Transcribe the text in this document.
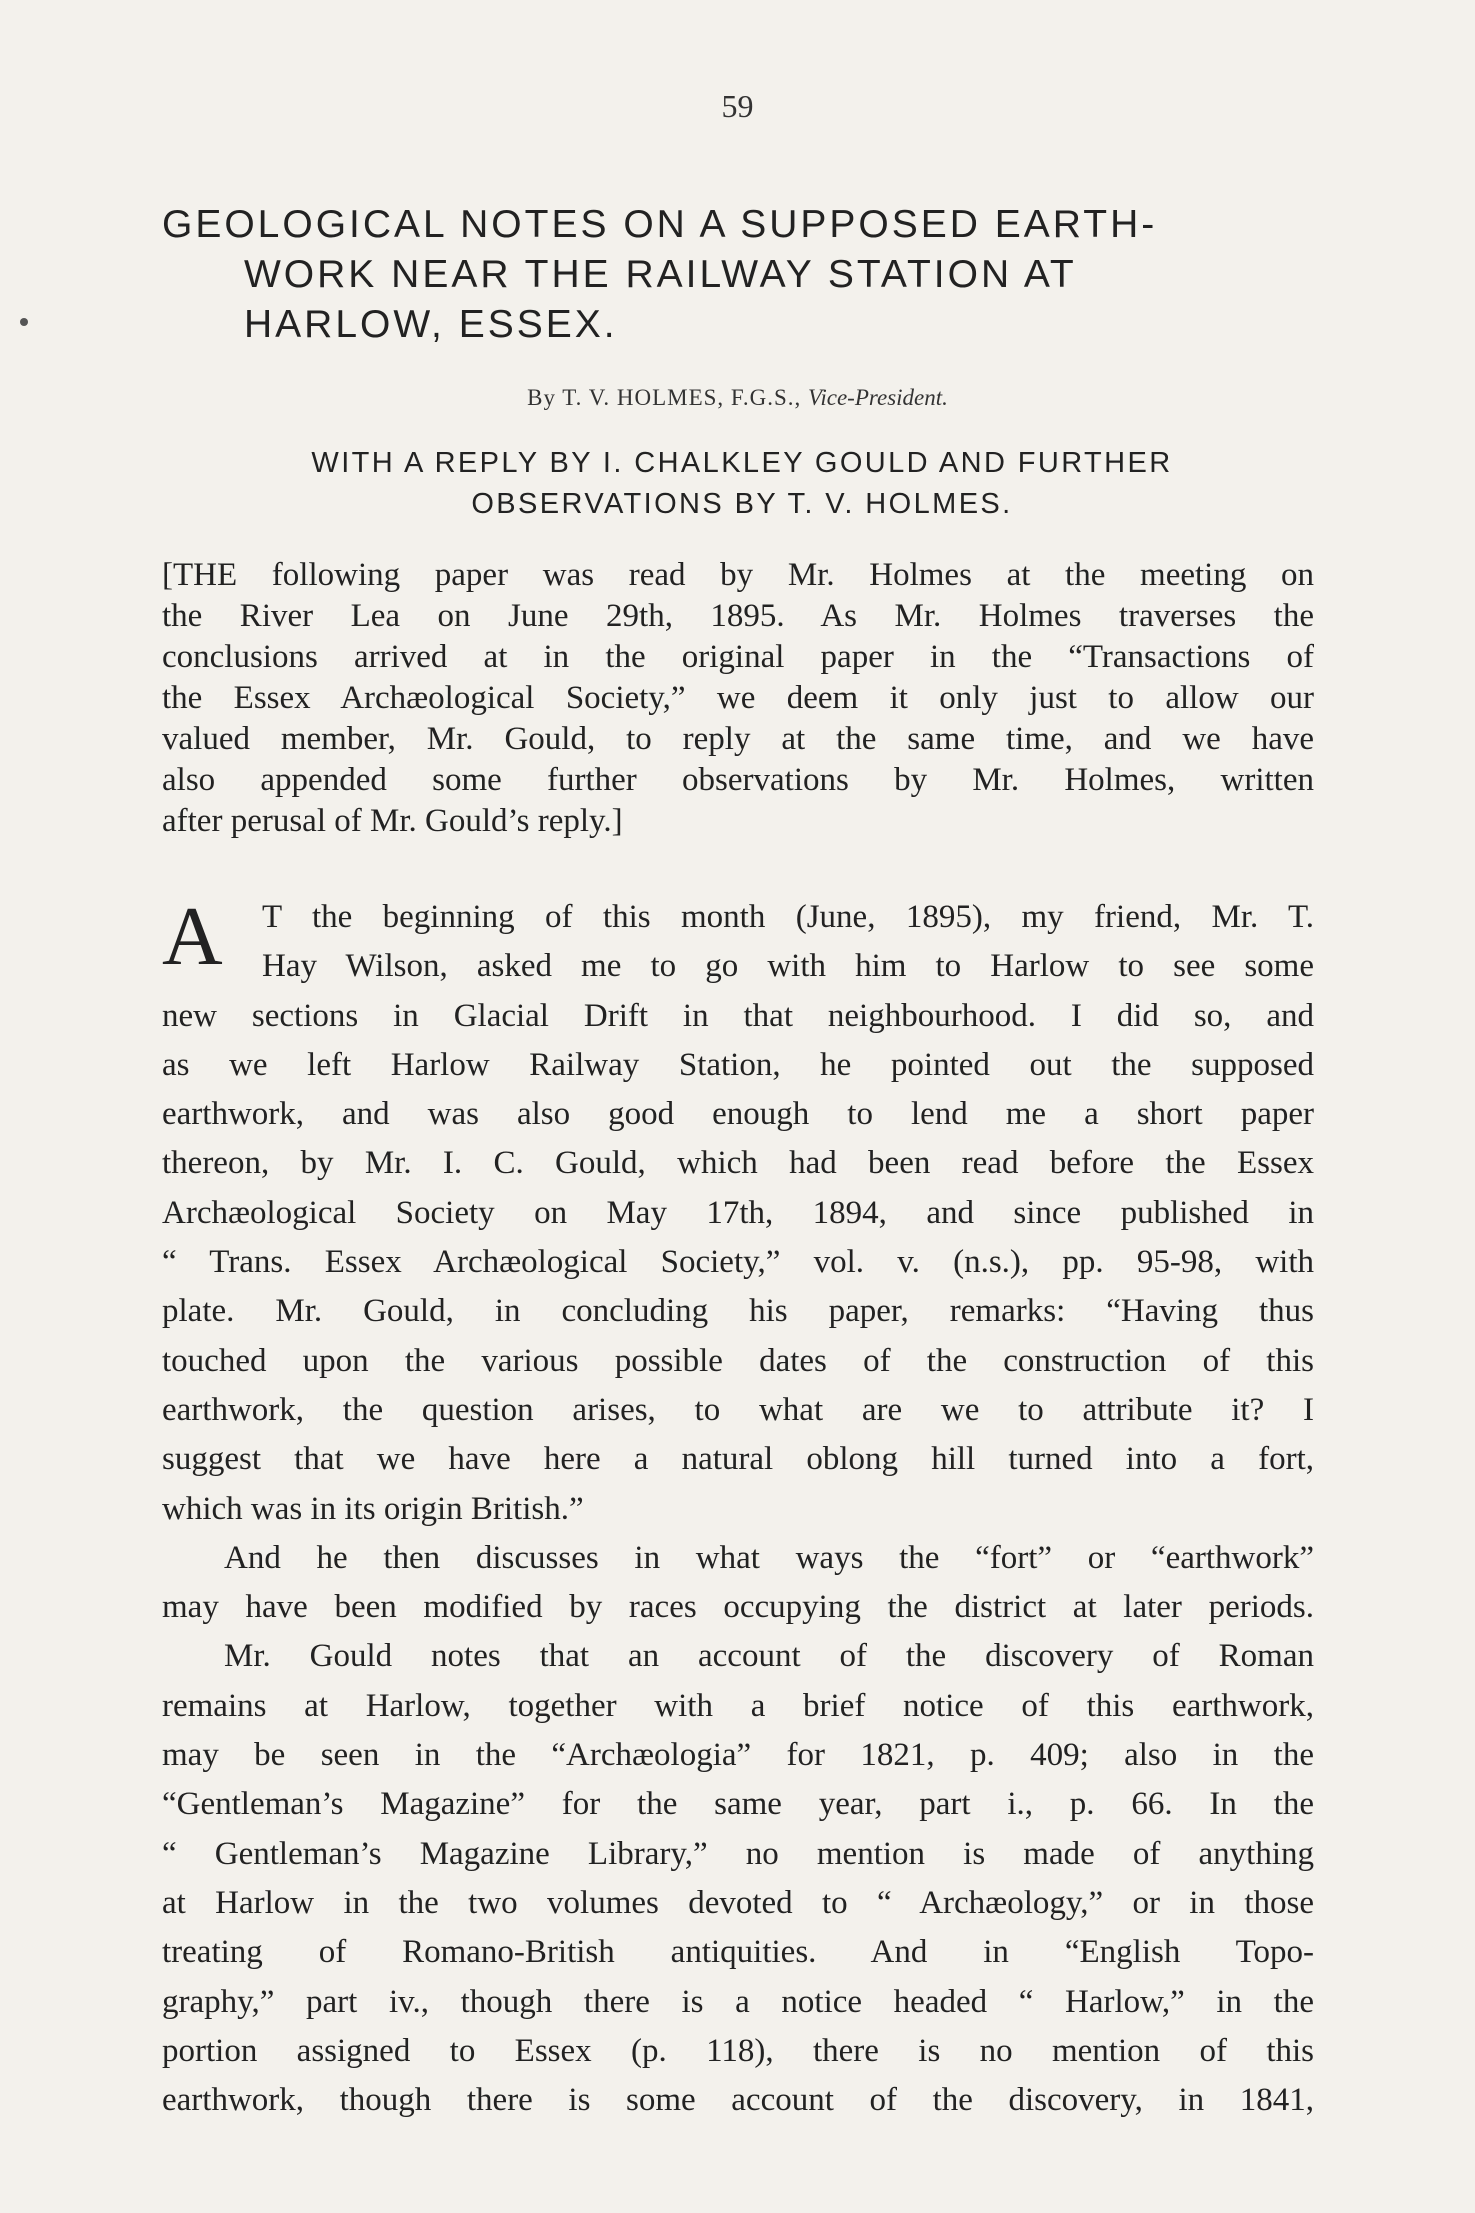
59
GEOLOGICAL NOTES ON A SUPPOSED EARTH-
WORK NEAR THE RAILWAY STATION AT
HARLOW, ESSEX.
By T. V. HOLMES, F.G.S., Vice-President.
WITH A REPLY BY I. CHALKLEY GOULD AND FURTHER
OBSERVATIONS BY T. V. HOLMES.
[THE following paper was read by Mr. Holmes at the meeting on
the River Lea on June 29th, 1895. As Mr. Holmes traverses the
conclusions arrived at in the original paper in the “Transactions of
the Essex Archæological Society,” we deem it only just to allow our
valued member, Mr. Gould, to reply at the same time, and we have
also appended some further observations by Mr. Holmes, written
after perusal of Mr. Gould’s reply.]
A	T the beginning of this month (June, 1895), my friend, Mr. T.
Hay Wilson, asked me to go with him to Harlow to see some
new sections in Glacial Drift in that neighbourhood. I did so, and
as we left Harlow Railway Station, he pointed out the supposed
earthwork, and was also good enough to lend me a short paper
thereon, by Mr. I. C. Gould, which had been read before the Essex
Archæological Society on May 17th, 1894, and since published in
“ Trans. Essex Archæological Society,” vol. v. (n.s.), pp. 95-98, with
plate. Mr. Gould, in concluding his paper, remarks: “Having thus
touched upon the various possible dates of the construction of this
earthwork, the question arises, to what are we to attribute it? I
suggest that we have here a natural oblong hill turned into a fort,
which was in its origin British.”
And he then discusses in what ways the “fort” or “earthwork”
may have been modified by races occupying the district at later periods.
Mr. Gould notes that an account of the discovery of Roman
remains at Harlow, together with a brief notice of this earthwork,
may be seen in the “Archæologia” for 1821, p. 409; also in the
“Gentleman’s Magazine” for the same year, part i., p. 66. In the
“ Gentleman’s Magazine Library,” no mention is made of anything
at Harlow in the two volumes devoted to “ Archæology,” or in those
treating of Romano-British antiquities. And in “English Topo-
graphy,” part iv., though there is a notice headed “ Harlow,” in the
portion assigned to Essex (p. 118), there is no mention of this
earthwork, though there is some account of the discovery, in 1841,
